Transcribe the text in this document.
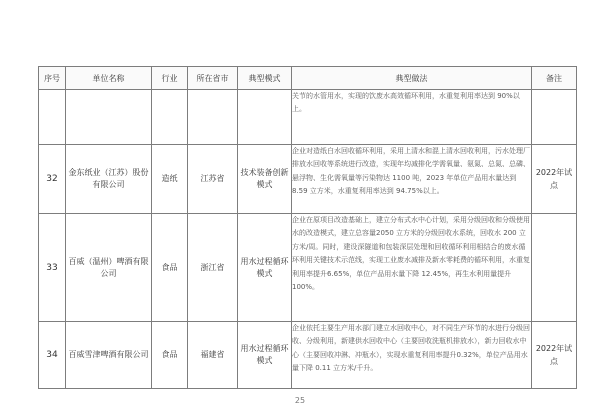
序号	单位名称	行业	所在省市	典型模式	典型做法	备注
					关节的水管用水，实现的饮废水高效循环利用，水重复利用率达到 90%以上。	
32	金东纸业（江苏）股份有限公司	造纸	江苏省	技术装备创新模式	企业对造纸白水回收循环利用，采用上清水和混上清水回收利用，污水处理厂排放水回收等系统进行改造，实现年均减排化学需氧量、氨氮、总氮、总磷、悬浮物、生化需氧量等污染物达 1100 吨，2023 年单位产品用水量达到 8.59 立方米，水重复利用率达到 94.75%以上。	2022年试点
33	百威（温州）啤酒有限公司	食品	浙江省	用水过程循环模式	企业在原项目改造基础上，建立分布式水中心计划，采用分级回收和分级使用水的改造模式，建立总容量2050 立方米的分级回收水系统，回收水 200 立方米/周。同时，建设深隧道和包装深层处理和回收循环利用相结合的废水循环利用关键技术示范线，实现工业废水减排及新水零耗费的循环利用，水重复利用率提升6.65%，单位产品用水量下降 12.45%，再生水利用量提升 100%。	
34	百威雪津啤酒有限公司	食品	福建省	用水过程循环模式	企业依托主要生产用水部门建立水回收中心，对不同生产环节的水进行分级回收、分级利用，新建供水回收中心（主要回收洗瓶机排放水），新力回收水中心（主要回收冲淋、冲瓶水），实现水重复利用率提升0.32%，单位产品用水量下降 0.11 立方米/千升。	2022年试点
25
